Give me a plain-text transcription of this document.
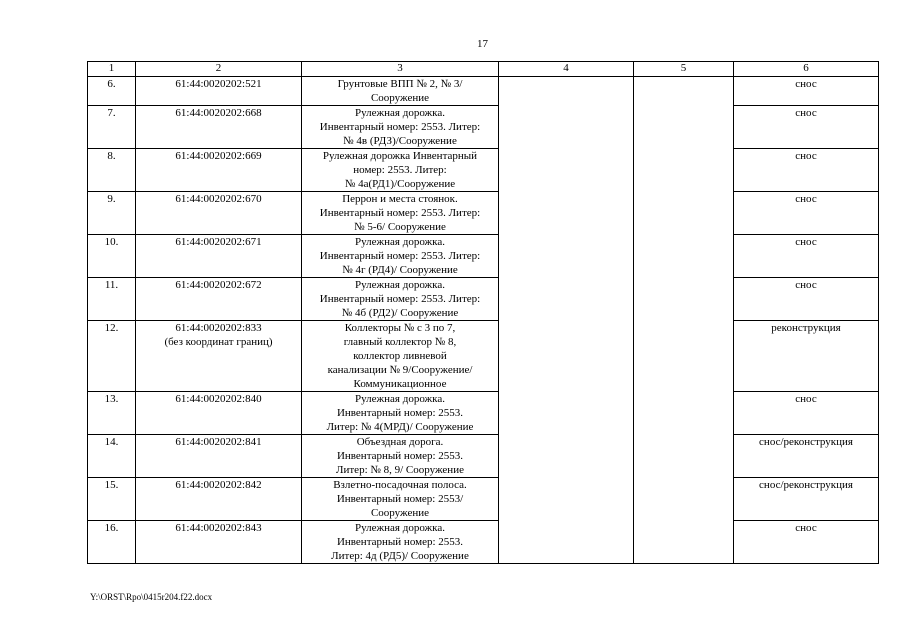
17
1	2	3	4	5	6
6.	61:44:0020202:521	Грунтовые ВПП № 2, № 3/
Сооружение			снос
7.	61:44:0020202:668	Рулежная дорожка.
Инвентарный номер: 2553. Литер:
№ 4в (РДЗ)/Сооружение			снос
8.	61:44:0020202:669	Рулежная дорожка Инвентарный
номер: 2553. Литер:
№ 4а(РД1)/Сооружение			снос
9.	61:44:0020202:670	Перрон и места стоянок.
Инвентарный номер: 2553. Литер:
№ 5-6/ Сооружение			снос
10.	61:44:0020202:671	Рулежная дорожка.
Инвентарный номер: 2553. Литер:
№ 4г (РД4)/ Сооружение			снос
11.	61:44:0020202:672	Рулежная дорожка.
Инвентарный номер: 2553. Литер:
№ 4б (РД2)/ Сооружение			снос
12.	61:44:0020202:833
(без координат границ)	Коллекторы № с 3 по 7,
главный коллектор № 8,
коллектор ливневой
канализации № 9/Сооружение/
Коммуникационное			реконструкция
13.	61:44:0020202:840	Рулежная дорожка.
Инвентарный номер: 2553.
Литер: № 4(МРД)/ Сооружение			снос
14.	61:44:0020202:841	Объездная дорога.
Инвентарный номер: 2553.
Литер: № 8, 9/ Сооружение			снос/реконструкция
15.	61:44:0020202:842	Взлетно-посадочная полоса.
Инвентарный номер: 2553/
Сооружение			снос/реконструкция
16.	61:44:0020202:843	Рулежная дорожка.
Инвентарный номер: 2553.
Литер: 4д (РД5)/ Сооружение			снос
Y:\ORST\Rpo\0415r204.f22.docx
